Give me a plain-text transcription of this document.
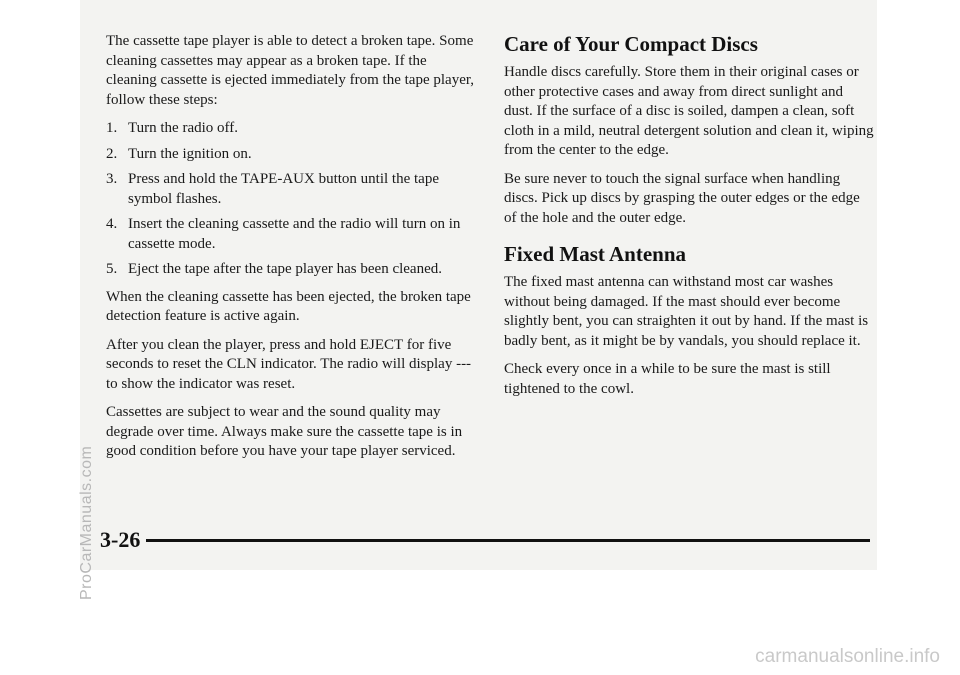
The cassette tape player is able to detect a broken tape. Some cleaning cassettes may appear as a broken tape. If the cleaning cassette is ejected immediately from the tape player, follow these steps:

1. Turn the radio off.
2. Turn the ignition on.
3. Press and hold the TAPE-AUX button until the tape symbol flashes.
4. Insert the cleaning cassette and the radio will turn on in cassette mode.
5. Eject the tape after the tape player has been cleaned.

When the cleaning cassette has been ejected, the broken tape detection feature is active again.

After you clean the player, press and hold EJECT for five seconds to reset the CLN indicator. The radio will display --- to show the indicator was reset.

Cassettes are subject to wear and the sound quality may degrade over time. Always make sure the cassette tape is in good condition before you have your tape player serviced.

Care of Your Compact Discs

Handle discs carefully. Store them in their original cases or other protective cases and away from direct sunlight and dust. If the surface of a disc is soiled, dampen a clean, soft cloth in a mild, neutral detergent solution and clean it, wiping from the center to the edge.

Be sure never to touch the signal surface when handling discs. Pick up discs by grasping the outer edges or the edge of the hole and the outer edge.

Fixed Mast Antenna

The fixed mast antenna can withstand most car washes without being damaged. If the mast should ever become slightly bent, you can straighten it out by hand. If the mast is badly bent, as it might be by vandals, you should replace it.

Check every once in a while to be sure the mast is still tightened to the cowl.

3-26
ProCarManuals.com
carmanualsonline.info
